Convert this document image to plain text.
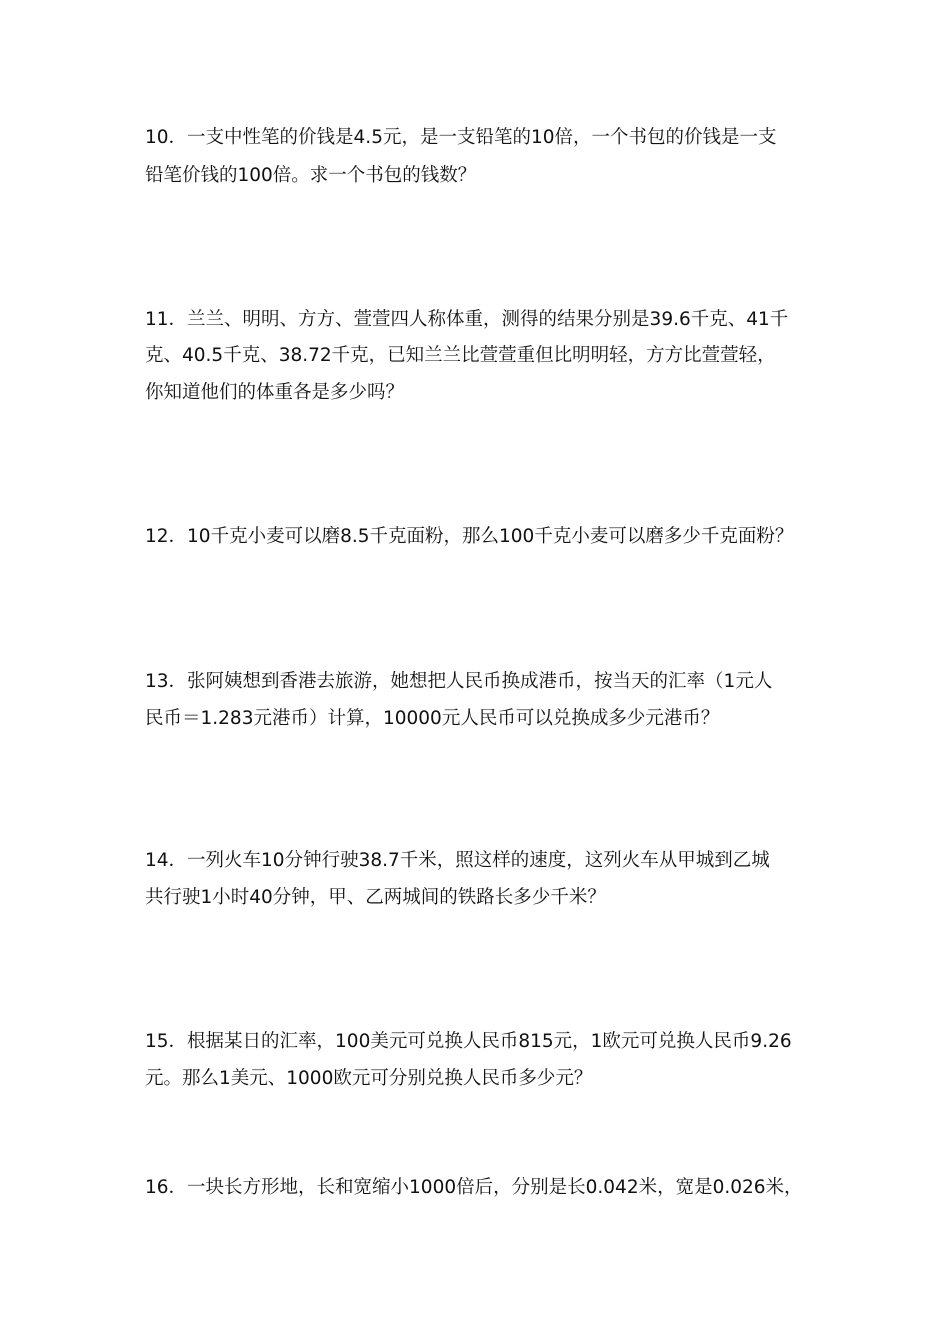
10．一支中性笔的价钱是4.5元，是一支铅笔的10倍，一个书包的价钱是一支
铅笔价钱的100倍。求一个书包的钱数？
11．兰兰、明明、方方、萱萱四人称体重，测得的结果分别是39.6千克、41千
克、40.5千克、38.72千克，已知兰兰比萱萱重但比明明轻，方方比萱萱轻，
你知道他们的体重各是多少吗？
12．10千克小麦可以磨8.5千克面粉，那么100千克小麦可以磨多少千克面粉？
13．张阿姨想到香港去旅游，她想把人民币换成港币，按当天的汇率（1元人
民币＝1.283元港币）计算，10000元人民币可以兑换成多少元港币？
14．一列火车10分钟行驶38.7千米，照这样的速度，这列火车从甲城到乙城
共行驶1小时40分钟，甲、乙两城间的铁路长多少千米？
15．根据某日的汇率，100美元可兑换人民币815元，1欧元可兑换人民币9.26
元。那么1美元、1000欧元可分别兑换人民币多少元？
16．一块长方形地，长和宽缩小1000倍后，分别是长0.042米，宽是0.026米，
